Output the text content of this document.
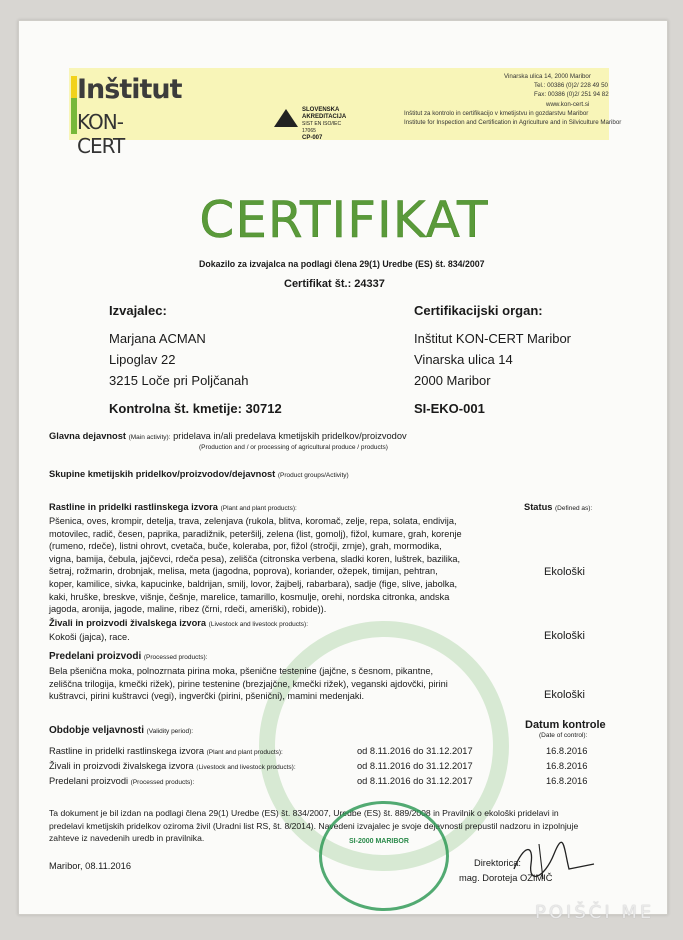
Inštitut
KON-CERT
SLOVENSKA
AKREDITACIJA
SIST EN ISO/IEC 17065
CP-007
Vinarska ulica 14, 2000 Maribor
Tel.: 00386 (0)2/ 228 49 50
Fax: 00386 (0)2/ 251 94 82
www.kon-cert.si
Inštitut za kontrolo in certifikacijo v kmetijstvu in gozdarstvu Maribor
Institute for Inspection and Certification in Agriculture and in Silviculture Maribor
CERTIFIKAT
Dokazilo za izvajalca na podlagi člena 29(1) Uredbe (ES) št. 834/2007
Certifikat št.: 24337
Izvajalec:
Marjana ACMAN
Lipoglav 22
3215 Loče pri Poljčanah
Kontrolna št. kmetije: 30712
Certifikacijski organ:
Inštitut KON-CERT Maribor
Vinarska ulica 14
2000 Maribor
SI-EKO-001
Glavna dejavnost (Main activity): pridelava in/ali predelava kmetijskih pridelkov/proizvodov
(Production and / or processing of agricultural produce / products)
Skupine kmetijskih pridelkov/proizvodov/dejavnost (Product groups/Activity)
Rastline in pridelki rastlinskega izvora (Plant and plant products):	Status (Defined as):
Pšenica, oves, krompir, detelja, trava, zelenjava (rukola, blitva, koromač, zelje, repa, solata, endivija,
motovilec, radič, česen, paprika, paradižnik, peteršilj, zelena (list, gomolj), fižol, kumare, grah, korenje
(rumeno, rdeče), listni ohrovt, cvetača, buče, koleraba, por, fižol (stročji, zrnje), grah, mormodika,
vigna, bamija, čebula, jajčevci, rdeča pesa), zelišča (citronska verbena, sladki koren, luštrek, bazilika,
šetraj, rožmarin, drobnjak, melisa, meta (jagodna, poprova), koriander, ožepek, timijan, pehtran,
koper, kamilice, sivka, kapucinke, baldrijan, smilj, lovor, žajbelj, rabarbara), sadje (fige, slive, jabolka,
kaki, hruške, breskve, višnje, češnje, marelice, tamarillo, kosmulje, orehi, nordska citronka, andska
jagoda, aronija, jagode, maline, ribez (črni, rdeči, ameriški), robide)).
Ekološki
Živali in proizvodi živalskega izvora (Livestock and livestock products):
Kokoši (jajca), race.	Ekološki
Predelani proizvodi (Processed products):
Bela pšenična moka, polnozrnata pirina moka, pšenične testenine (jajčne, s česnom, pikantne,
zeliščna trilogija, kmečki rižek), pirine testenine (brezjajčne, kmečki rižek), veganski ajdovčki, pirini
kuštravci, pirini kuštravci (vegi), ingverčki (pirini, pšenični), mamini medenjaki.	Ekološki
Obdobje veljavnosti (Validity period):
Datum kontrole
(Date of control):
Rastline in pridelki rastlinskega izvora (Plant and plant products):	od 8.11.2016 do 31.12.2017	16.8.2016
Živali in proizvodi živalskega izvora (Livestock and livestock products):	od 8.11.2016 do 31.12.2017	16.8.2016
Predelani proizvodi (Processed products):	od 8.11.2016 do 31.12.2017	16.8.2016
Ta dokument je bil izdan na podlagi člena 29(1) Uredbe (ES) št. 834/2007, Uredbe (ES) št. 889/2008 in Pravilnik o ekološki pridelavi in
predelavi kmetijskih pridelkov oziroma živil (Uradni list RS, št. 8/2014). Navedeni izvajalec je svoje dejavnosti prepustil nadzoru in izpolnjuje
zahteve iz navedenih uredb in pravilnika.	SI-2000 MARIBOR
Maribor, 08.11.2016	Direktorica:
mag. Doroteja OZIMIČ
POIŠČI ME
